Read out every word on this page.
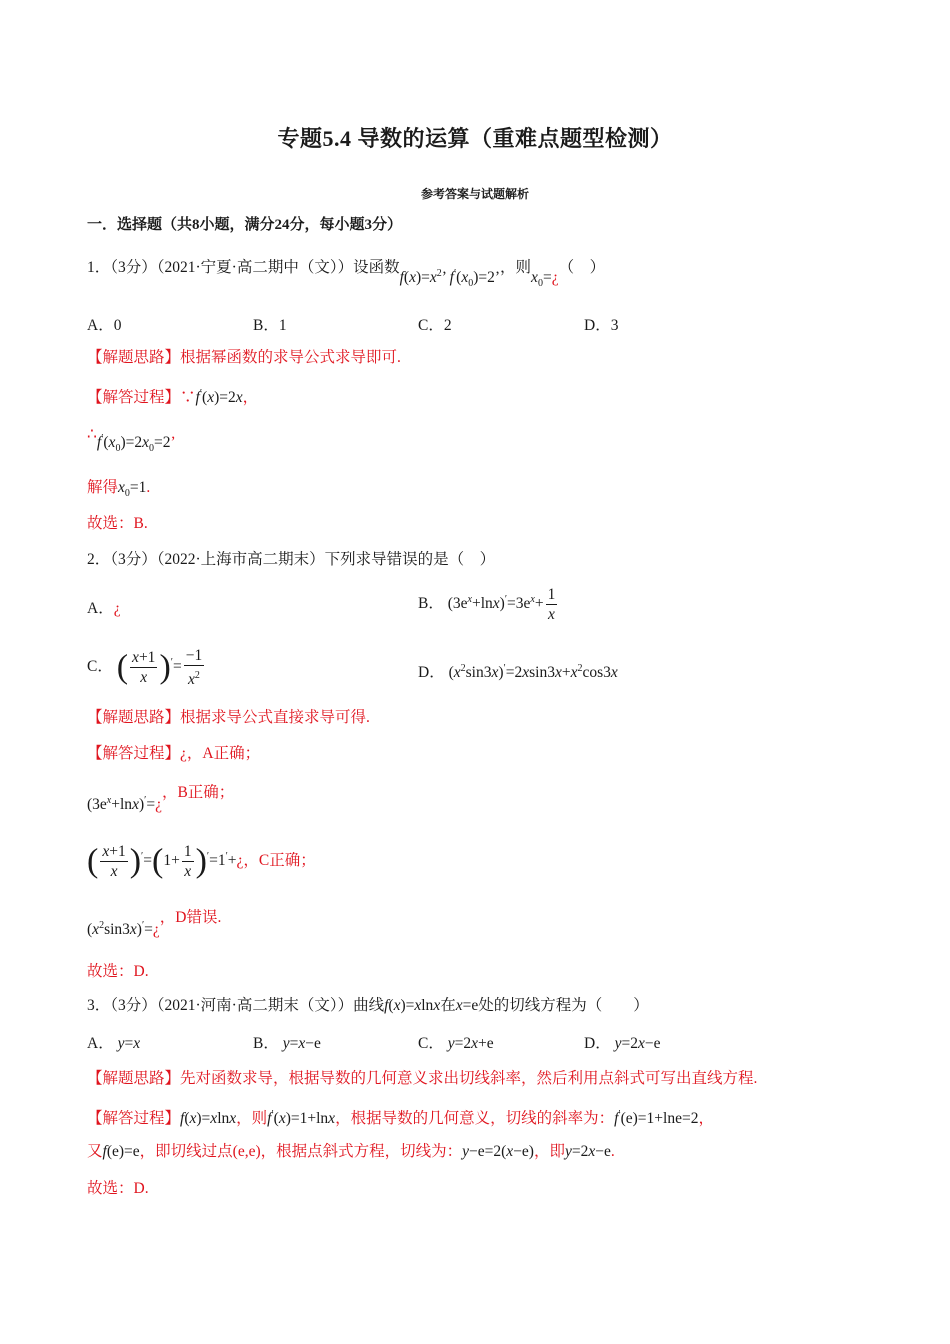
专题5.4 导数的运算（重难点题型检测）
参考答案与试题解析
一．选择题（共8小题，满分24分，每小题3分）
1．（3分）（2021·宁夏·高二期中（文））设函数$f(x)=x^2$’ $f'(x_0)=2$’，则$x_0=¿$（　）
A．0	B．1	C．2	D．3
【解题思路】根据幂函数的求导公式求导即可.
【解答过程】∵f′(x)=2x，
$\therefore f'(x_0)=2x_0=2$’
解得$x_0=1$.
故选：B.
2．（3分）（2022·上海市高二期末）下列求导错误的是（　）
A．¿	B． $(3e^x+\ln x)'=3e^x+ \frac{1}{x}$
C． ( $\frac{x+1}{x} )'= \frac{-1}{x^2}$	D． $(x^2\sin 3x)'=2xsin3x+x^2\cos 3x$
【解题思路】根据求导公式直接求导可得.
【解答过程】¿，A正确；
$(3e^x+\ln x)'=¿$，B正确；
( $\frac{x+1}{x} )'=(1+ \frac{1}{x}$ )′=1′+¿，C正确；
$(x^2\sin 3x)'=¿$，D错误.
故选：D.
3．（3分）（2021·河南·高二期末（文））曲线f(x)=xlnx在x=e处的切线方程为（　　）
A． y=x	B． y=x−e	C． y=2x+e	D． y=2x−e
【解题思路】先对函数求导，根据导数的几何意义求出切线斜率，然后利用点斜式可写出直线方程.
【解答过程】f(x)=xlnx，则f′(x)=1+lnx，根据导数的几何意义，切线的斜率为：f′(e)=1+lne=2，
又f(e)=e，即切线过点(e,e)，根据点斜式方程，切线为：y−e=2(x−e)，即y=2x−e.
故选：D.
